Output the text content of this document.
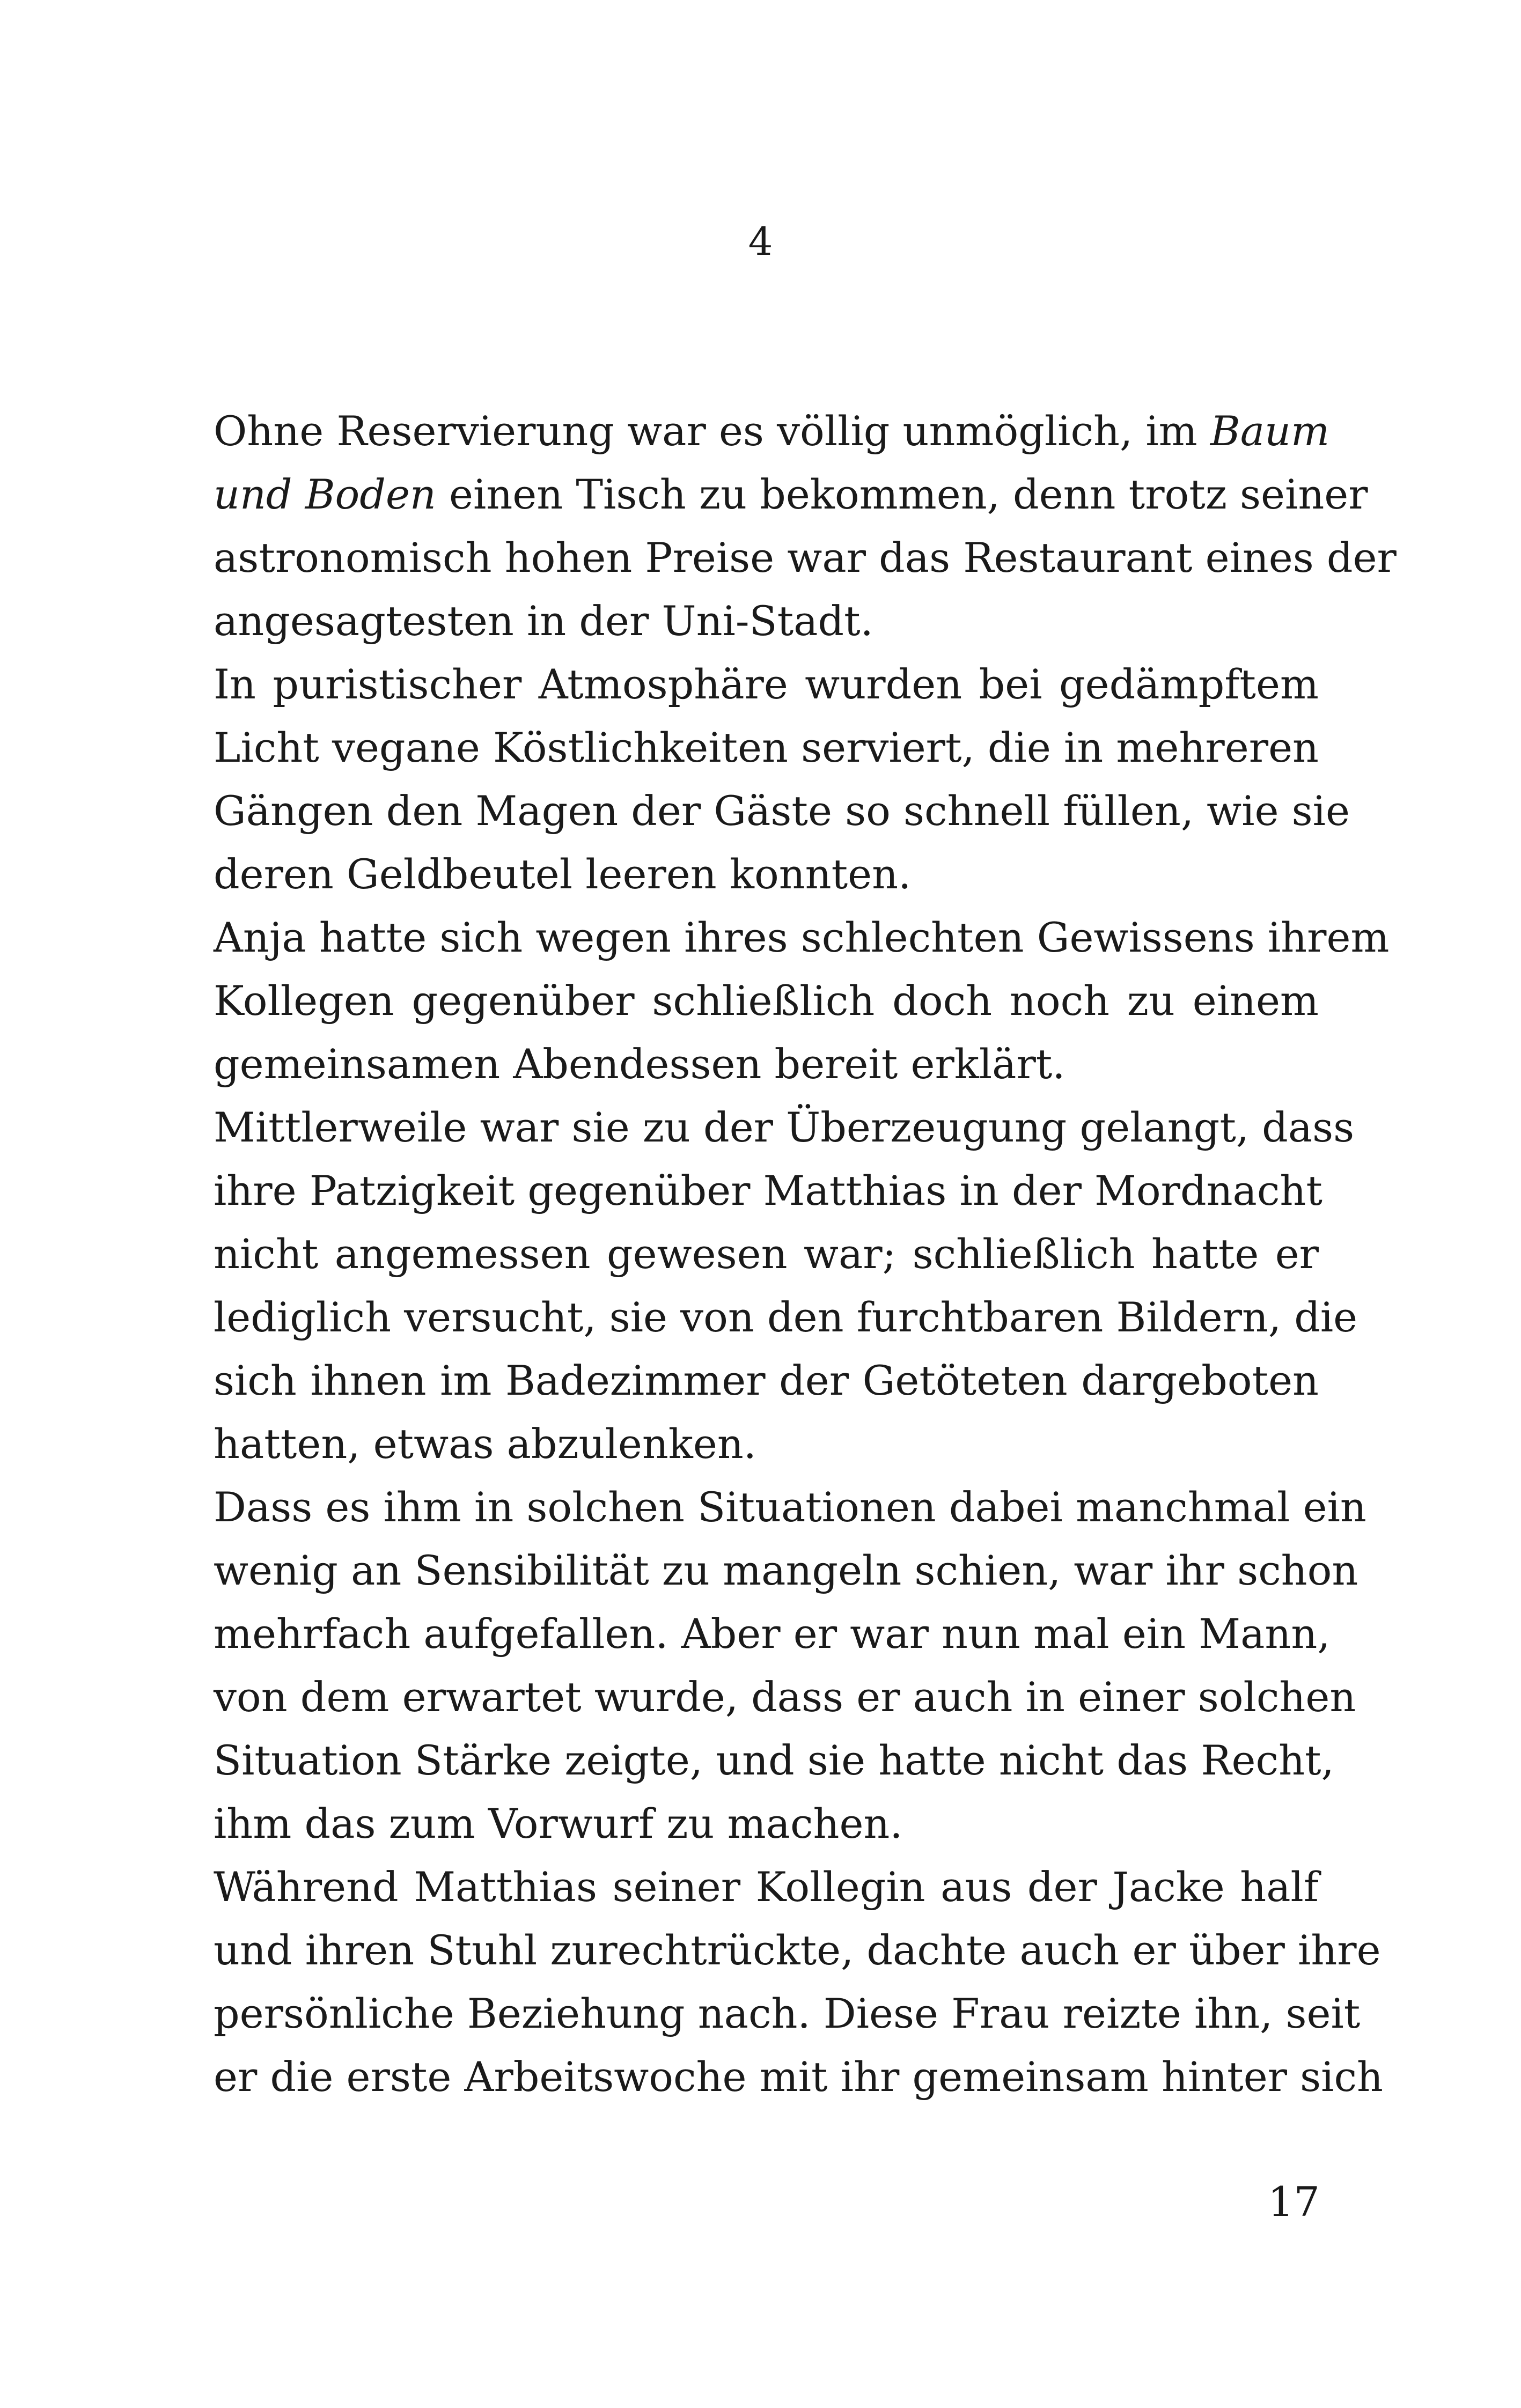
4
Ohne Reservierung war es völlig unmöglich, im Baum
und Boden einen Tisch zu bekommen, denn trotz seiner
astronomisch hohen Preise war das Restaurant eines der
angesagtesten in der Uni-Stadt.
In puristischer Atmosphäre wurden bei gedämpftem
Licht vegane Köstlichkeiten serviert, die in mehreren
Gängen den Magen der Gäste so schnell füllen, wie sie
deren Geldbeutel leeren konnten.
Anja hatte sich wegen ihres schlechten Gewissens ihrem
Kollegen gegenüber schließlich doch noch zu einem
gemeinsamen Abendessen bereit erklärt.
Mittlerweile war sie zu der Überzeugung gelangt, dass
ihre Patzigkeit gegenüber Matthias in der Mordnacht
nicht angemessen gewesen war; schließlich hatte er
lediglich versucht, sie von den furchtbaren Bildern, die
sich ihnen im Badezimmer der Getöteten dargeboten
hatten, etwas abzulenken.
Dass es ihm in solchen Situationen dabei manchmal ein
wenig an Sensibilität zu mangeln schien, war ihr schon
mehrfach aufgefallen. Aber er war nun mal ein Mann,
von dem erwartet wurde, dass er auch in einer solchen
Situation Stärke zeigte, und sie hatte nicht das Recht,
ihm das zum Vorwurf zu machen.
Während Matthias seiner Kollegin aus der Jacke half
und ihren Stuhl zurechtrückte, dachte auch er über ihre
persönliche Beziehung nach. Diese Frau reizte ihn, seit
er die erste Arbeitswoche mit ihr gemeinsam hinter sich
17
